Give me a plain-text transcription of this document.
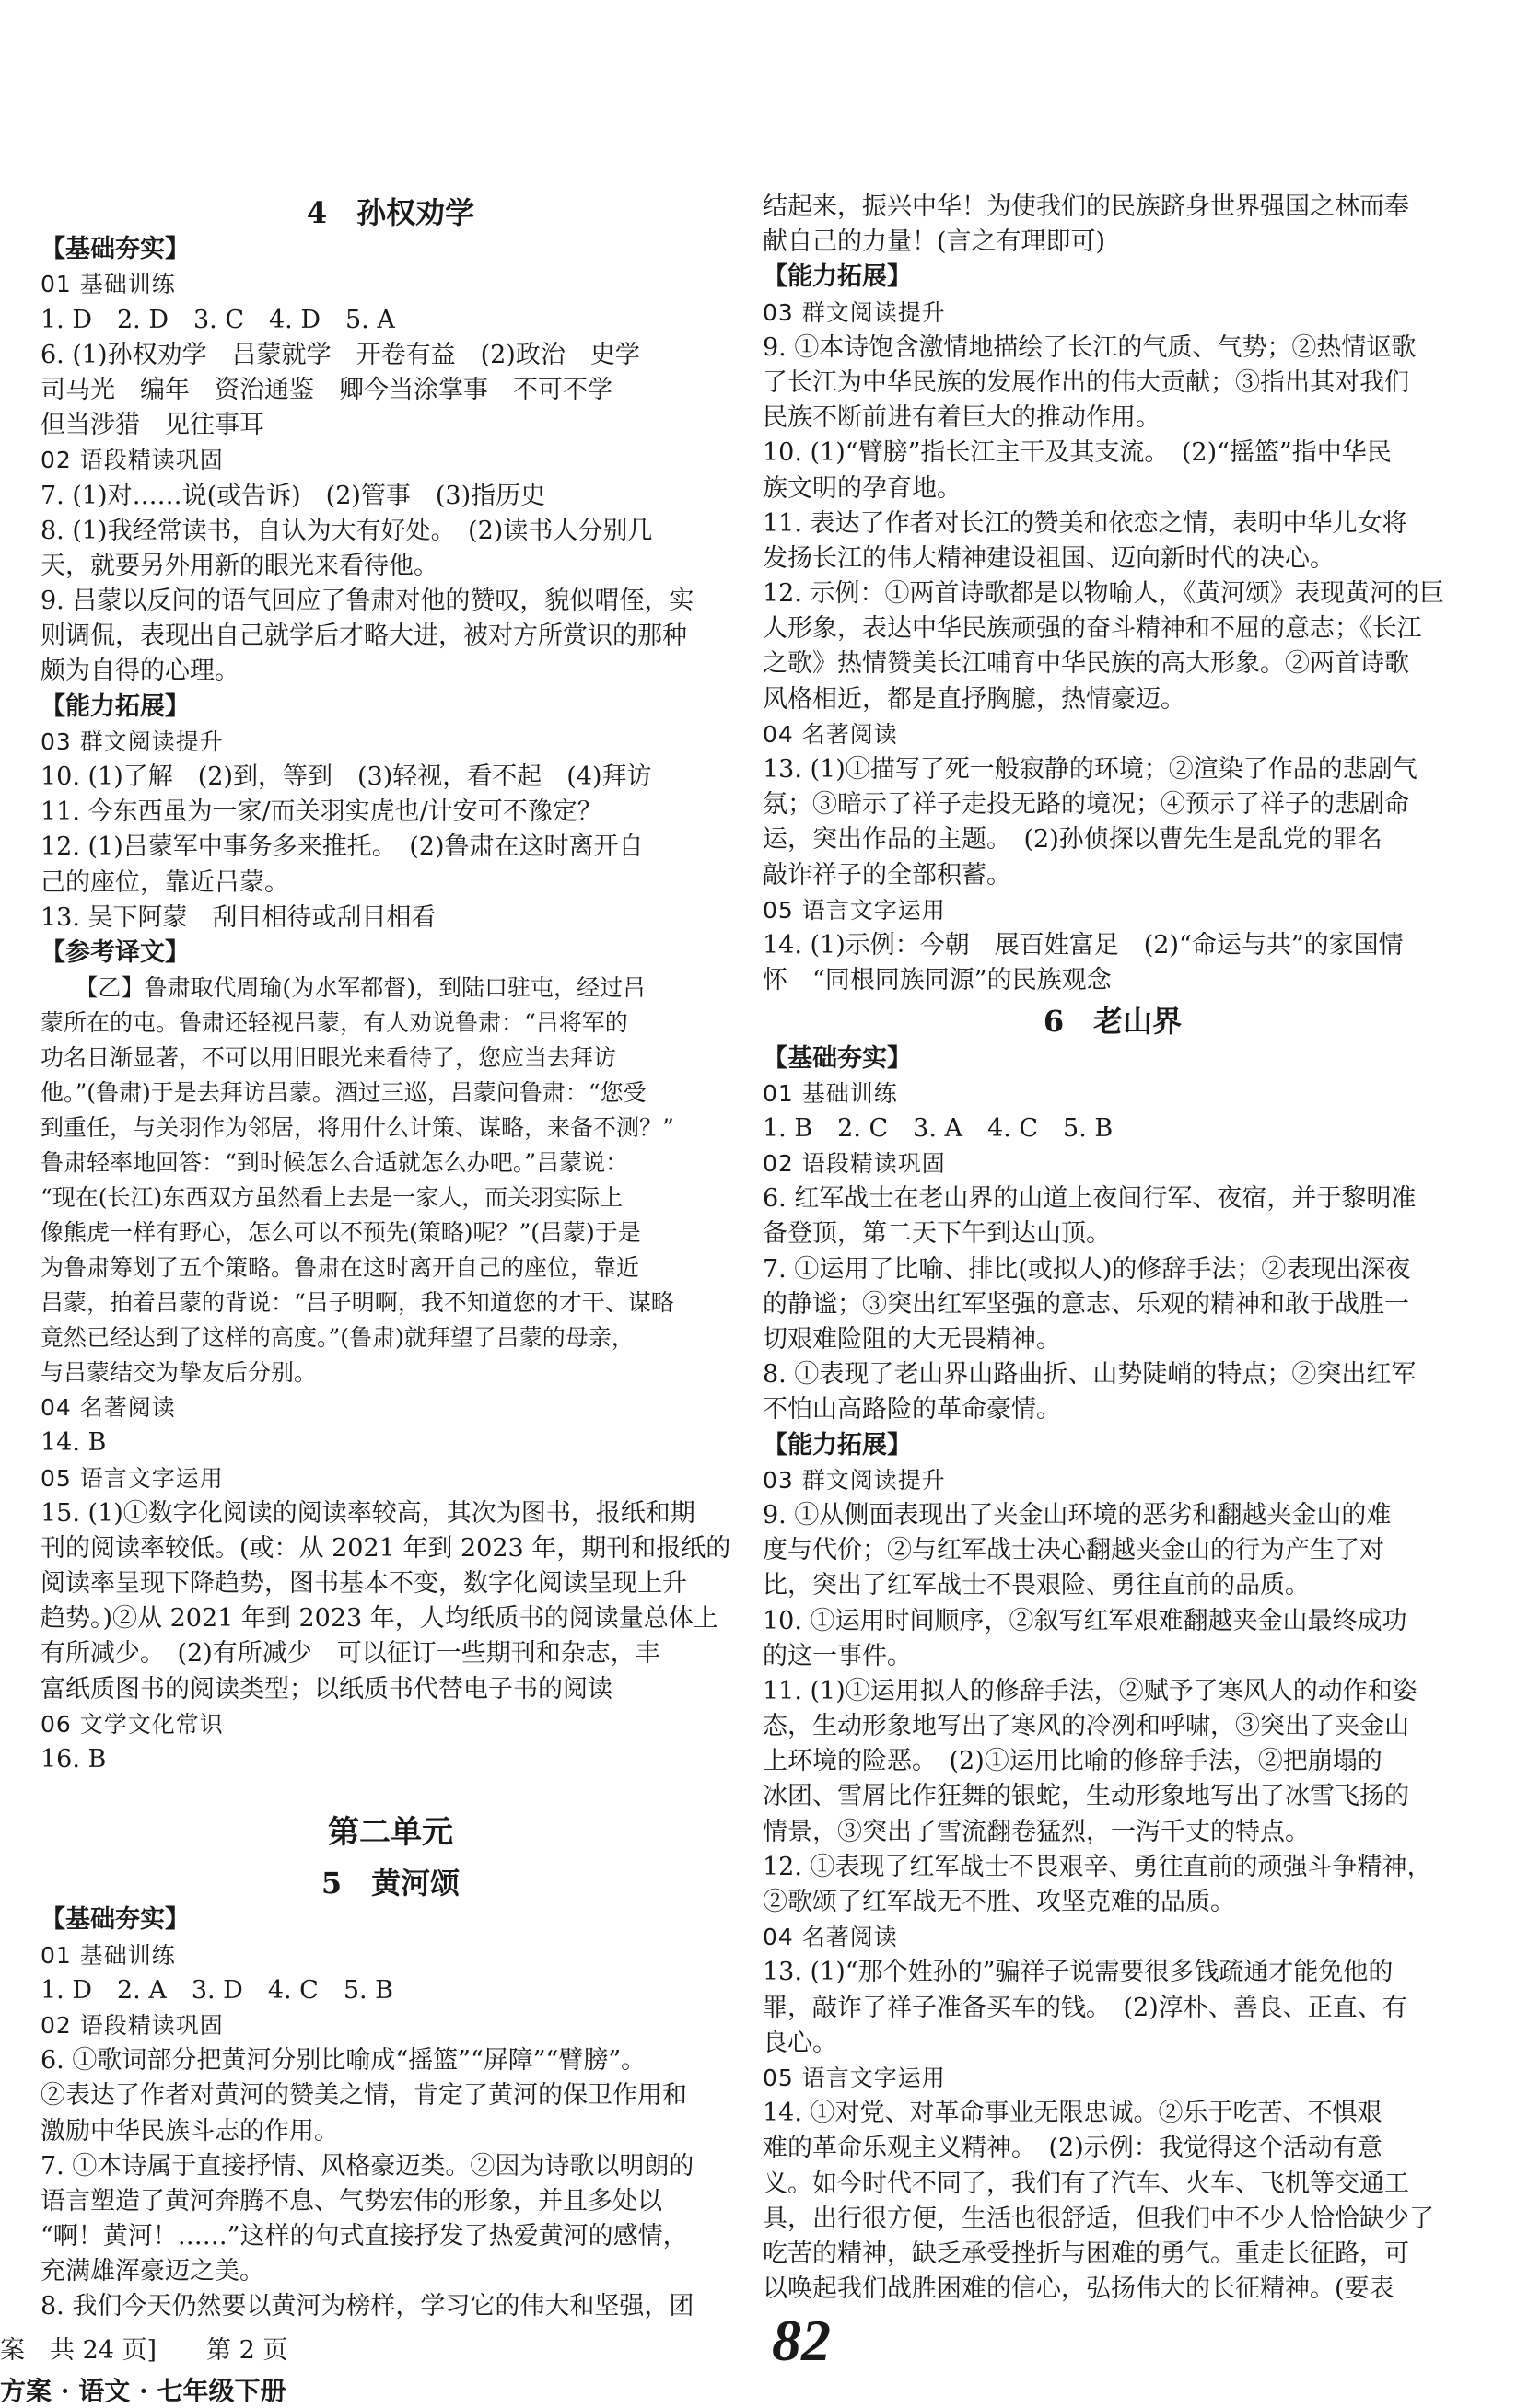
4　孙权劝学
【基础夯实】
01 基础训练
1. D　2. D　3. C　4. D　5. A
6. (1)孙权劝学　吕蒙就学　开卷有益　(2)政治　史学
司马光　编年　资治通鉴　卿今当涂掌事　不可不学
但当涉猎　见往事耳
02 语段精读巩固
7. (1)对……说(或告诉)　(2)管事　(3)指历史
8. (1)我经常读书，自认为大有好处。　(2)读书人分别几
天，就要另外用新的眼光来看待他。
9. 吕蒙以反问的语气回应了鲁肃对他的赞叹，貌似喟侄，实
则调侃，表现出自己就学后才略大进，被对方所赏识的那种
颇为自得的心理。
【能力拓展】
03 群文阅读提升
10. (1)了解　(2)到，等到　(3)轻视，看不起　(4)拜访
11. 今东西虽为一家/而关羽实虎也/计安可不豫定？
12. (1)吕蒙军中事务多来推托。　(2)鲁肃在这时离开自
己的座位，靠近吕蒙。
13. 吴下阿蒙　刮目相待或刮目相看
【参考译文】
　　【乙】鲁肃取代周瑜(为水军都督)，到陆口驻屯，经过吕
蒙所在的屯。鲁肃还轻视吕蒙，有人劝说鲁肃：“吕将军的
功名日渐显著，不可以用旧眼光来看待了，您应当去拜访
他。”(鲁肃)于是去拜访吕蒙。酒过三巡，吕蒙问鲁肃：“您受
到重任，与关羽作为邻居，将用什么计策、谋略，来备不测？”
鲁肃轻率地回答：“到时候怎么合适就怎么办吧。”吕蒙说：
“现在(长江)东西双方虽然看上去是一家人，而关羽实际上
像熊虎一样有野心，怎么可以不预先(策略)呢？”(吕蒙)于是
为鲁肃筹划了五个策略。鲁肃在这时离开自己的座位，靠近
吕蒙，拍着吕蒙的背说：“吕子明啊，我不知道您的才干、谋略
竟然已经达到了这样的高度。”(鲁肃)就拜望了吕蒙的母亲，
与吕蒙结交为挚友后分别。
04 名著阅读
14. B
05 语言文字运用
15. (1)①数字化阅读的阅读率较高，其次为图书，报纸和期
刊的阅读率较低。(或：从 2021 年到 2023 年，期刊和报纸的
阅读率呈现下降趋势，图书基本不变，数字化阅读呈现上升
趋势。)②从 2021 年到 2023 年，人均纸质书的阅读量总体上
有所减少。　(2)有所减少　可以征订一些期刊和杂志，丰
富纸质图书的阅读类型；以纸质书代替电子书的阅读
06 文学文化常识
16. B
第二单元
5　黄河颂
【基础夯实】
01 基础训练
1. D　2. A　3. D　4. C　5. B
02 语段精读巩固
6. ①歌词部分把黄河分别比喻成“摇篮”“屏障”“臂膀”。
②表达了作者对黄河的赞美之情，肯定了黄河的保卫作用和
激励中华民族斗志的作用。
7. ①本诗属于直接抒情、风格豪迈类。②因为诗歌以明朗的
语言塑造了黄河奔腾不息、气势宏伟的形象，并且多处以
“啊！黄河！……”这样的句式直接抒发了热爱黄河的感情，
充满雄浑豪迈之美。
8. 我们今天仍然要以黄河为榜样，学习它的伟大和坚强，团
结起来，振兴中华！为使我们的民族跻身世界强国之林而奉
献自己的力量！(言之有理即可)
【能力拓展】
03 群文阅读提升
9. ①本诗饱含激情地描绘了长江的气质、气势；②热情讴歌
了长江为中华民族的发展作出的伟大贡献；③指出其对我们
民族不断前进有着巨大的推动作用。
10. (1)“臂膀”指长江主干及其支流。　(2)“摇篮”指中华民
族文明的孕育地。
11. 表达了作者对长江的赞美和依恋之情，表明中华儿女将
发扬长江的伟大精神建设祖国、迈向新时代的决心。
12. 示例：①两首诗歌都是以物喻人，《黄河颂》表现黄河的巨
人形象，表达中华民族顽强的奋斗精神和不屈的意志；《长江
之歌》热情赞美长江哺育中华民族的高大形象。②两首诗歌
风格相近，都是直抒胸臆，热情豪迈。
04 名著阅读
13. (1)①描写了死一般寂静的环境；②渲染了作品的悲剧气
氛；③暗示了祥子走投无路的境况；④预示了祥子的悲剧命
运，突出作品的主题。　(2)孙侦探以曹先生是乱党的罪名
敲诈祥子的全部积蓄。
05 语言文字运用
14. (1)示例：今朝　展百姓富足　(2)“命运与共”的家国情
怀　“同根同族同源”的民族观念
6　老山界
【基础夯实】
01 基础训练
1. B　2. C　3. A　4. C　5. B
02 语段精读巩固
6. 红军战士在老山界的山道上夜间行军、夜宿，并于黎明准
备登顶，第二天下午到达山顶。
7. ①运用了比喻、排比(或拟人)的修辞手法；②表现出深夜
的静谧；③突出红军坚强的意志、乐观的精神和敢于战胜一
切艰难险阻的大无畏精神。
8. ①表现了老山界山路曲折、山势陡峭的特点；②突出红军
不怕山高路险的革命豪情。
【能力拓展】
03 群文阅读提升
9. ①从侧面表现出了夹金山环境的恶劣和翻越夹金山的难
度与代价；②与红军战士决心翻越夹金山的行为产生了对
比，突出了红军战士不畏艰险、勇往直前的品质。
10. ①运用时间顺序，②叙写红军艰难翻越夹金山最终成功
的这一事件。
11. (1)①运用拟人的修辞手法，②赋予了寒风人的动作和姿
态，生动形象地写出了寒风的冷冽和呼啸，③突出了夹金山
上环境的险恶。　(2)①运用比喻的修辞手法，②把崩塌的
冰团、雪屑比作狂舞的银蛇，生动形象地写出了冰雪飞扬的
情景，③突出了雪流翻卷猛烈，一泻千丈的特点。
12. ①表现了红军战士不畏艰辛、勇往直前的顽强斗争精神，
②歌颂了红军战无不胜、攻坚克难的品质。
04 名著阅读
13. (1)“那个姓孙的”骗祥子说需要很多钱疏通才能免他的
罪，敲诈了祥子准备买车的钱。　(2)淳朴、善良、正直、有
良心。
05 语言文字运用
14. ①对党、对革命事业无限忠诚。②乐于吃苦、不惧艰
难的革命乐观主义精神。　(2)示例：我觉得这个活动有意
义。如今时代不同了，我们有了汽车、火车、飞机等交通工
具，出行很方便，生活也很舒适，但我们中不少人恰恰缺少了
吃苦的精神，缺乏承受挫折与困难的勇气。重走长征路，可
以唤起我们战胜困难的信心，弘扬伟大的长征精神。(要表
案　共 24 页]　　第 2 页
方案 · 语文 · 七年级下册
82
